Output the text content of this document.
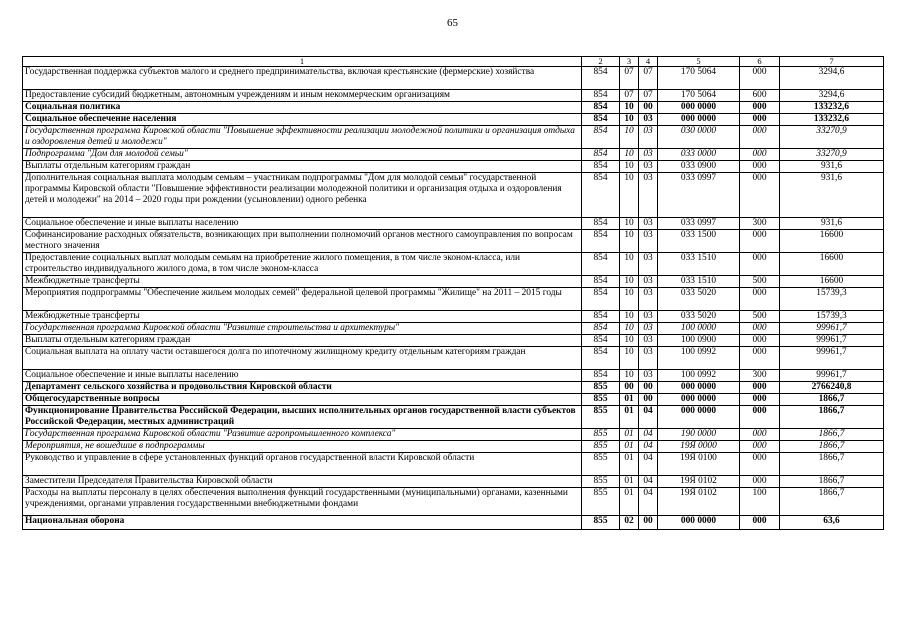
65
1	2	3	4	5	6	7
Государственная поддержка субъектов малого и среднего предпринимательства, включая крестьянские (фермерские) хозяйства	854	07	07	170 5064	000	3294,6
Предоставление субсидий бюджетным, автономным учреждениям и иным некоммерческим организациям	854	07	07	170 5064	600	3294,6
Социальная политика	854	10	00	000 0000	000	133232,6
Социальное обеспечение населения	854	10	03	000 0000	000	133232,6
Государственная программа Кировской области "Повышение эффективности реализации молодежной политики и организация отдыха и оздоровления детей и молодежи"	854	10	03	030 0000	000	33270,9
Подпрограмма "Дом для молодой семьи"	854	10	03	033 0000	000	33270,9
Выплаты отдельным категориям граждан	854	10	03	033 0900	000	931,6
Дополнительная социальная выплата молодым семьям – участникам подпрограммы "Дом для молодой семьи" государственной программы Кировской области "Повышение эффективности реализации молодежной политики и организация отдыха и оздоровления детей и молодежи" на 2014 – 2020 годы при рождении (усыновлении) одного ребенка	854	10	03	033 0997	000	931,6
Социальное обеспечение и иные выплаты населению	854	10	03	033 0997	300	931,6
Софинансирование расходных обязательств, возникающих при выполнении полномочий органов местного самоуправления по вопросам местного значения	854	10	03	033 1500	000	16600
Предоставление социальных выплат молодым семьям на приобретение жилого помещения, в том числе эконом-класса, или строительство индивидуального жилого дома, в том числе эконом-класса	854	10	03	033 1510	000	16600
Межбюджетные трансферты	854	10	03	033 1510	500	16600
Мероприятия подпрограммы "Обеспечение жильем молодых семей" федеральной целевой программы "Жилище" на 2011 – 2015 годы	854	10	03	033 5020	000	15739,3
Межбюджетные трансферты	854	10	03	033 5020	500	15739,3
Государственная программа Кировской области "Развитие строительства и архитектуры"	854	10	03	100 0000	000	99961,7
Выплаты отдельным категориям граждан	854	10	03	100 0900	000	99961,7
Социальная выплата на оплату части оставшегося долга по ипотечному жилищному кредиту отдельным категориям граждан	854	10	03	100 0992	000	99961,7
Социальное обеспечение и иные выплаты населению	854	10	03	100 0992	300	99961,7
Департамент сельского хозяйства и продовольствия Кировской области	855	00	00	000 0000	000	2766240,8
Общегосударственные вопросы	855	01	00	000 0000	000	1866,7
Функционирование Правительства Российской Федерации, высших исполнительных органов государственной власти субъектов Российской Федерации, местных администраций	855	01	04	000 0000	000	1866,7
Государственная программа Кировской области "Развитие агропромышленного комплекса"	855	01	04	190 0000	000	1866,7
Мероприятия, не вошедшие в подпрограммы	855	01	04	19Я 0000	000	1866,7
Руководство и управление в сфере установленных функций органов государственной власти Кировской области	855	01	04	19Я 0100	000	1866,7
Заместители Председателя Правительства Кировской области	855	01	04	19Я 0102	000	1866,7
Расходы на выплаты персоналу в целях обеспечения выполнения функций государственными (муниципальными) органами, казенными учреждениями, органами управления государственными внебюджетными фондами	855	01	04	19Я 0102	100	1866,7
Национальная оборона	855	02	00	000 0000	000	63,6
